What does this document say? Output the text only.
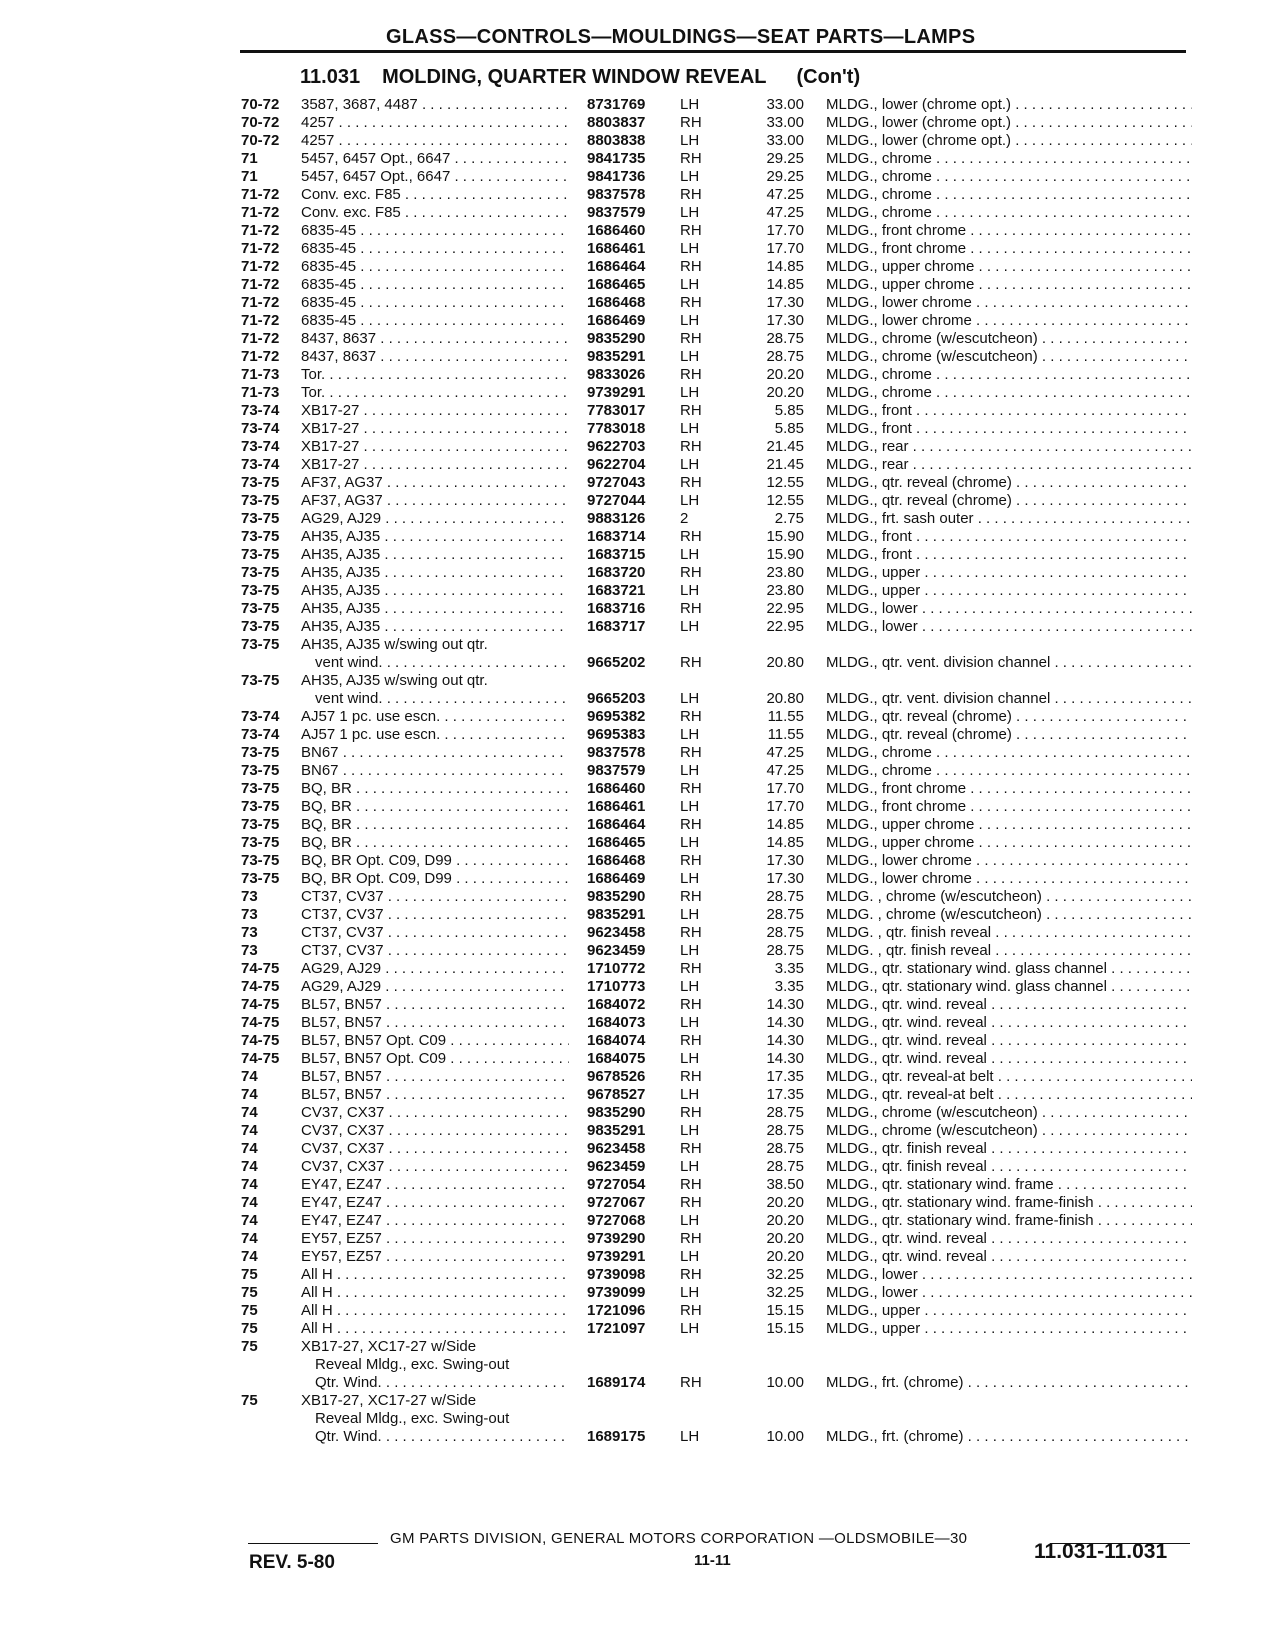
GLASS—CONTROLS—MOULDINGS—SEAT PARTS—LAMPS
11.031 MOLDING, QUARTER WINDOW REVEAL (Con't)
70-72	3587, 3687, 4487 . . .	8731769	LH	33.00 MLDG., lower (chrome opt.) . . .
70-72	4257 . . .	8803837	RH	33.00 MLDG., lower (chrome opt.) . . .
70-72	4257 . . .	8803838	LH	33.00 MLDG., lower (chrome opt.) . . .
71	5457, 6457 Opt., 6647 . . .	9841735	RH	29.25 MLDG., chrome . . .
71	5457, 6457 Opt., 6647 . . .	9841736	LH	29.25 MLDG., chrome . . .
71-72	Conv. exc. F85 . . .	9837578	RH	47.25 MLDG., chrome . . .
71-72	Conv. exc. F85 . . .	9837579	LH	47.25 MLDG., chrome . . .
71-72	6835-45 . . .	1686460	RH	17.70 MLDG., front chrome . . .
71-72	6835-45 . . .	1686461	LH	17.70 MLDG., front chrome . . .
71-72	6835-45 . . .	1686464	RH	14.85 MLDG., upper chrome . . .
71-72	6835-45 . . .	1686465	LH	14.85 MLDG., upper chrome . . .
71-72	6835-45 . . .	1686468	RH	17.30 MLDG., lower chrome . . .
71-72	6835-45 . . .	1686469	LH	17.30 MLDG., lower chrome . . .
71-72	8437, 8637 . . .	9835290	RH	28.75 MLDG., chrome (w/escutcheon) . . .
71-72	8437, 8637 . . .	9835291	LH	28.75 MLDG., chrome (w/escutcheon) . . .
71-73	Tor. . . .	9833026	RH	20.20 MLDG., chrome . . .
71-73	Tor. . . .	9739291	LH	20.20 MLDG., chrome . . .
73-74	XB17-27 . . .	7783017	RH	5.85 MLDG., front . . .
73-74	XB17-27 . . .	7783018	LH	5.85 MLDG., front . . .
73-74	XB17-27 . . .	9622703	RH	21.45 MLDG., rear . . .
73-74	XB17-27 . . .	9622704	LH	21.45 MLDG., rear . . .
73-75	AF37, AG37 . . .	9727043	RH	12.55 MLDG., qtr. reveal (chrome) . . .
73-75	AF37, AG37 . . .	9727044	LH	12.55 MLDG., qtr. reveal (chrome) . . .
73-75	AG29, AJ29 . . .	9883126	2	2.75 MLDG., frt. sash outer . . .
73-75	AH35, AJ35 . . .	1683714	RH	15.90 MLDG., front . . .
73-75	AH35, AJ35 . . .	1683715	LH	15.90 MLDG., front . . .
73-75	AH35, AJ35 . . .	1683720	RH	23.80 MLDG., upper . . .
73-75	AH35, AJ35 . . .	1683721	LH	23.80 MLDG., upper . . .
73-75	AH35, AJ35 . . .	1683716	RH	22.95 MLDG., lower . . .
73-75	AH35, AJ35 . . .	1683717	LH	22.95 MLDG., lower . . .
73-75	AH35, AJ35 w/swing out qtr.
vent wind. . . .	9665202	RH	20.80 MLDG., qtr. vent. division channel . . .
73-75	AH35, AJ35 w/swing out qtr.
vent wind. . . .	9665203	LH	20.80 MLDG., qtr. vent. division channel . . .
73-74	AJ57 1 pc. use escn. . . .	9695382	RH	11.55 MLDG., qtr. reveal (chrome) . . .
73-74	AJ57 1 pc. use escn. . . .	9695383	LH	11.55 MLDG., qtr. reveal (chrome) . . .
73-75	BN67 . . .	9837578	RH	47.25 MLDG., chrome . . .
73-75	BN67 . . .	9837579	LH	47.25 MLDG., chrome . . .
73-75	BQ, BR . . .	1686460	RH	17.70 MLDG., front chrome . . .
73-75	BQ, BR . . .	1686461	LH	17.70 MLDG., front chrome . . .
73-75	BQ, BR . . .	1686464	RH	14.85 MLDG., upper chrome . . .
73-75	BQ, BR . . .	1686465	LH	14.85 MLDG., upper chrome . . .
73-75	BQ, BR Opt. C09, D99 . . .	1686468	RH	17.30 MLDG., lower chrome . . .
73-75	BQ, BR Opt. C09, D99 . . .	1686469	LH	17.30 MLDG., lower chrome . . .
73	CT37, CV37 . . .	9835290	RH	28.75 MLDG. , chrome (w/escutcheon) . . .
73	CT37, CV37 . . .	9835291	LH	28.75 MLDG. , chrome (w/escutcheon) . . .
73	CT37, CV37 . . .	9623458	RH	28.75 MLDG. , qtr. finish reveal . . .
73	CT37, CV37 . . .	9623459	LH	28.75 MLDG. , qtr. finish reveal . . .
74-75	AG29, AJ29 . . .	1710772	RH	3.35 MLDG., qtr. stationary wind. glass channel . . .
74-75	AG29, AJ29 . . .	1710773	LH	3.35 MLDG., qtr. stationary wind. glass channel . . .
74-75	BL57, BN57 . . .	1684072	RH	14.30 MLDG., qtr. wind. reveal . . .
74-75	BL57, BN57 . . .	1684073	LH	14.30 MLDG., qtr. wind. reveal . . .
74-75	BL57, BN57 Opt. C09 . . .	1684074	RH	14.30 MLDG., qtr. wind. reveal . . .
74-75	BL57, BN57 Opt. C09 . . .	1684075	LH	14.30 MLDG., qtr. wind. reveal . . .
74	BL57, BN57 . . .	9678526	RH	17.35 MLDG., qtr. reveal-at belt . . .
74	BL57, BN57 . . .	9678527	LH	17.35 MLDG., qtr. reveal-at belt . . .
74	CV37, CX37 . . .	9835290	RH	28.75 MLDG., chrome (w/escutcheon) . . .
74	CV37, CX37 . . .	9835291	LH	28.75 MLDG., chrome (w/escutcheon) . . .
74	CV37, CX37 . . .	9623458	RH	28.75 MLDG., qtr. finish reveal . . .
74	CV37, CX37 . . .	9623459	LH	28.75 MLDG., qtr. finish reveal . . .
74	EY47, EZ47 . . .	9727054	RH	38.50 MLDG., qtr. stationary wind. frame . . .
74	EY47, EZ47 . . .	9727067	RH	20.20 MLDG., qtr. stationary wind. frame-finish . . .
74	EY47, EZ47 . . .	9727068	LH	20.20 MLDG., qtr. stationary wind. frame-finish . . .
74	EY57, EZ57 . . .	9739290	RH	20.20 MLDG., qtr. wind. reveal . . .
74	EY57, EZ57 . . .	9739291	LH	20.20 MLDG., qtr. wind. reveal . . .
75	All H . . .	9739098	RH	32.25 MLDG., lower . . .
75	All H . . .	9739099	LH	32.25 MLDG., lower . . .
75	All H . . .	1721096	RH	15.15 MLDG., upper . . .
75	All H . . .	1721097	LH	15.15 MLDG., upper . . .
75	XB17-27, XC17-27 w/Side
Reveal Mldg., exc. Swing-out
Qtr. Wind. . . .	1689174	RH	10.00 MLDG., frt. (chrome) . . .
75	XB17-27, XC17-27 w/Side
Reveal Mldg., exc. Swing-out
Qtr. Wind. . . .	1689175	LH	10.00 MLDG., frt. (chrome) . . .
GM PARTS DIVISION, GENERAL MOTORS CORPORATION —OLDSMOBILE—30
REV. 5-80	11-11	11.031-11.031
